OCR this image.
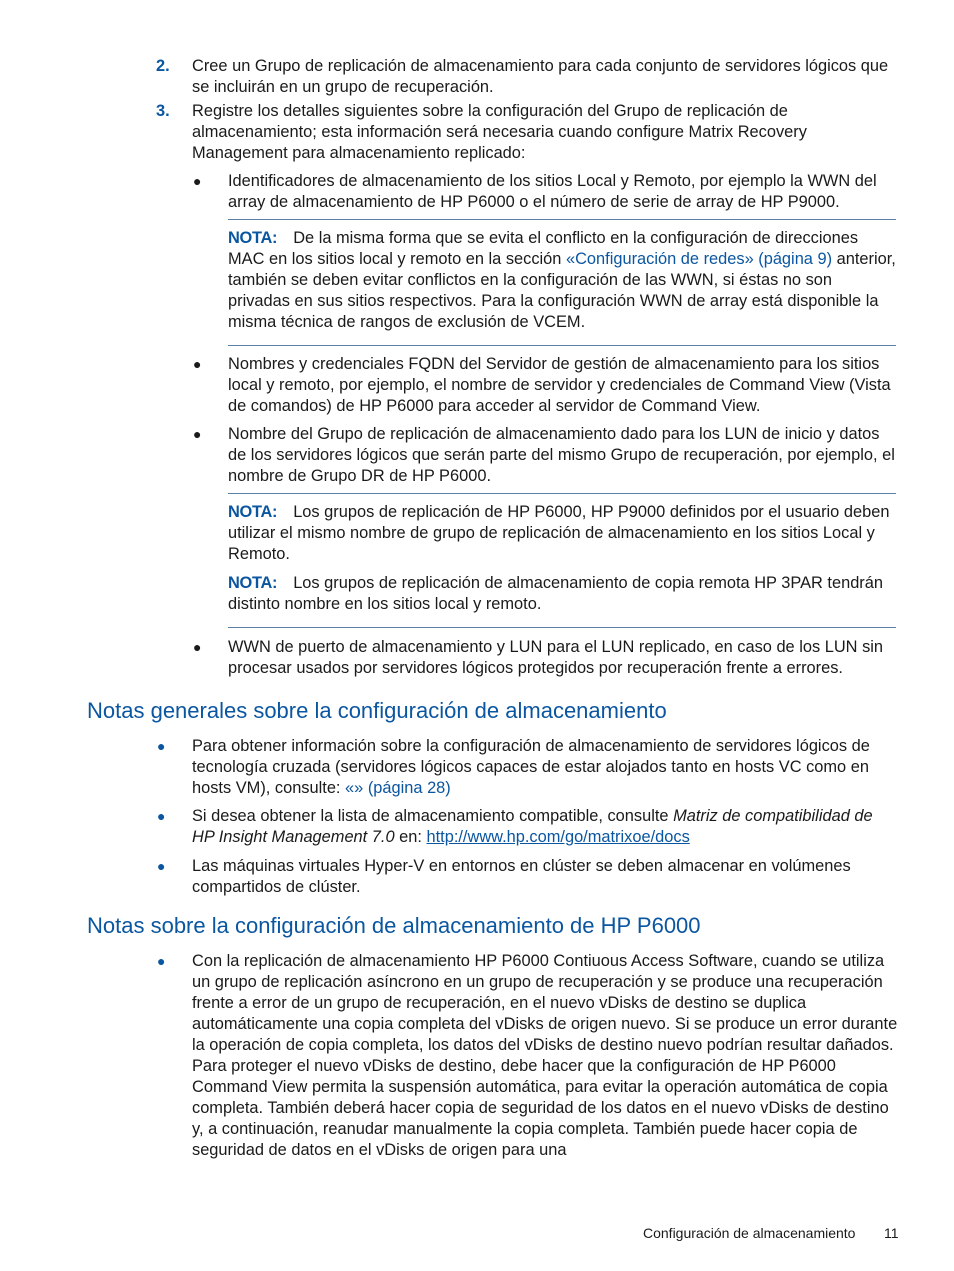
2. Cree un Grupo de replicación de almacenamiento para cada conjunto de servidores lógicos que se incluirán en un grupo de recuperación.
3. Registre los detalles siguientes sobre la configuración del Grupo de replicación de almacenamiento; esta información será necesaria cuando configure Matrix Recovery Management para almacenamiento replicado:
● Identificadores de almacenamiento de los sitios Local y Remoto, por ejemplo la WWN del array de almacenamiento de HP P6000 o el número de serie de array de HP P9000.

NOTA: De la misma forma que se evita el conflicto en la configuración de direcciones MAC en los sitios local y remoto en la sección «Configuración de redes» (página 9) anterior, también se deben evitar conflictos en la configuración de las WWN, si éstas no son privadas en sus sitios respectivos. Para la configuración WWN de array está disponible la misma técnica de rangos de exclusión de VCEM.

● Nombres y credenciales FQDN del Servidor de gestión de almacenamiento para los sitios local y remoto, por ejemplo, el nombre de servidor y credenciales de Command View (Vista de comandos) de HP P6000 para acceder al servidor de Command View.
● Nombre del Grupo de replicación de almacenamiento dado para los LUN de inicio y datos de los servidores lógicos que serán parte del mismo Grupo de recuperación, por ejemplo, el nombre de Grupo DR de HP P6000.

NOTA: Los grupos de replicación de HP P6000, HP P9000 definidos por el usuario deben utilizar el mismo nombre de grupo de replicación de almacenamiento en los sitios Local y Remoto.

NOTA: Los grupos de replicación de almacenamiento de copia remota HP 3PAR tendrán distinto nombre en los sitios local y remoto.

● WWN de puerto de almacenamiento y LUN para el LUN replicado, en caso de los LUN sin procesar usados por servidores lógicos protegidos por recuperación frente a errores.
Notas generales sobre la configuración de almacenamiento
● Para obtener información sobre la configuración de almacenamiento de servidores lógicos de tecnología cruzada (servidores lógicos capaces de estar alojados tanto en hosts VC como en hosts VM), consulte: «» (página 28)
● Si desea obtener la lista de almacenamiento compatible, consulte Matriz de compatibilidad de HP Insight Management 7.0 en: http://www.hp.com/go/matrixoe/docs
● Las máquinas virtuales Hyper-V en entornos en clúster se deben almacenar en volúmenes compartidos de clúster.
Notas sobre la configuración de almacenamiento de HP P6000
● Con la replicación de almacenamiento HP P6000 Contiuous Access Software, cuando se utiliza un grupo de replicación asíncrono en un grupo de recuperación y se produce una recuperación frente a error de un grupo de recuperación, en el nuevo vDisks de destino se duplica automáticamente una copia completa del vDisks de origen nuevo. Si se produce un error durante la operación de copia completa, los datos del vDisks de destino nuevo podrían resultar dañados. Para proteger el nuevo vDisks de destino, debe hacer que la configuración de HP P6000 Command View permita la suspensión automática, para evitar la operación automática de copia completa. También deberá hacer copia de seguridad de los datos en el nuevo vDisks de destino y, a continuación, reanudar manualmente la copia completa. También puede hacer copia de seguridad de datos en el vDisks de origen para una
Configuración de almacenamiento 11
